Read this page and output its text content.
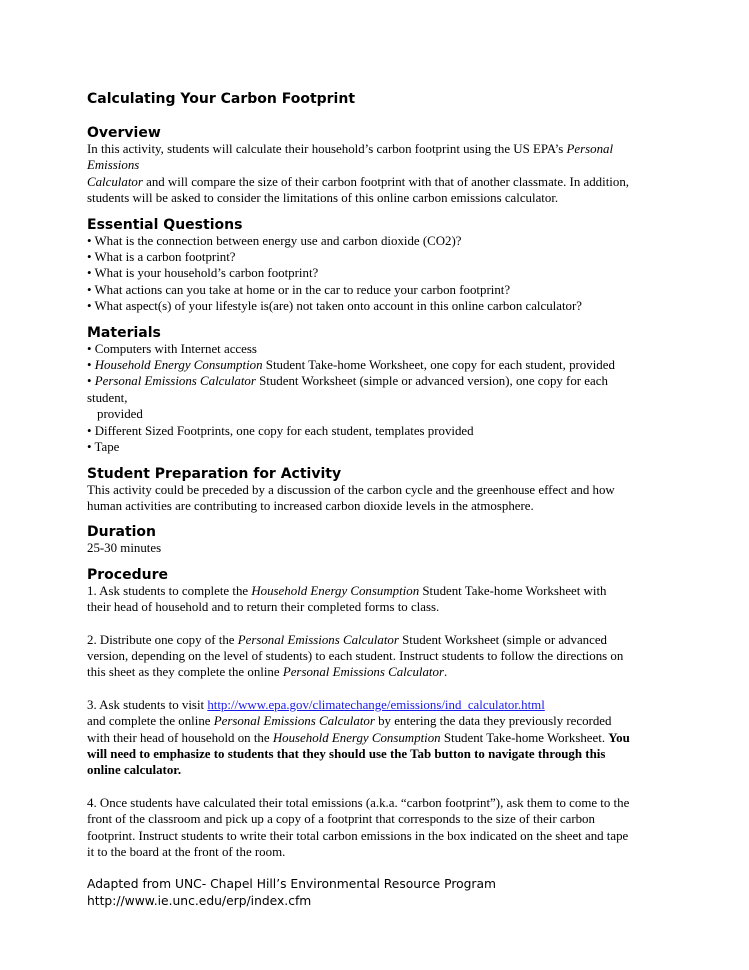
Calculating Your Carbon Footprint
Overview
In this activity, students will calculate their household’s carbon footprint using the US EPA’s Personal
Emissions
Calculator and will compare the size of their carbon footprint with that of another classmate. In addition,
students will be asked to consider the limitations of this online carbon emissions calculator.
Essential Questions
• What is the connection between energy use and carbon dioxide (CO2)?
• What is a carbon footprint?
• What is your household’s carbon footprint?
• What actions can you take at home or in the car to reduce your carbon footprint?
• What aspect(s) of your lifestyle is(are) not taken onto account in this online carbon calculator?
Materials
• Computers with Internet access
• Household Energy Consumption Student Take-home Worksheet, one copy for each student, provided
• Personal Emissions Calculator Student Worksheet (simple or advanced version), one copy for each
student,
provided
• Different Sized Footprints, one copy for each student, templates provided
• Tape
Student Preparation for Activity
This activity could be preceded by a discussion of the carbon cycle and the greenhouse effect and how
human activities are contributing to increased carbon dioxide levels in the atmosphere.
Duration
25-30 minutes
Procedure
1. Ask students to complete the Household Energy Consumption Student Take-home Worksheet with
their head of household and to return their completed forms to class.
2. Distribute one copy of the Personal Emissions Calculator Student Worksheet (simple or advanced
version, depending on the level of students) to each student. Instruct students to follow the directions on
this sheet as they complete the online Personal Emissions Calculator.
3. Ask students to visit http://www.epa.gov/climatechange/emissions/ind_calculator.html
and complete the online Personal Emissions Calculator by entering the data they previously recorded
with their head of household on the Household Energy Consumption Student Take-home Worksheet. You
will need to emphasize to students that they should use the Tab button to navigate through this
online calculator.
4. Once students have calculated their total emissions (a.k.a. “carbon footprint”), ask them to come to the
front of the classroom and pick up a copy of a footprint that corresponds to the size of their carbon
footprint. Instruct students to write their total carbon emissions in the box indicated on the sheet and tape
it to the board at the front of the room.
Adapted from UNC- Chapel Hill’s Environmental Resource Program
http://www.ie.unc.edu/erp/index.cfm
